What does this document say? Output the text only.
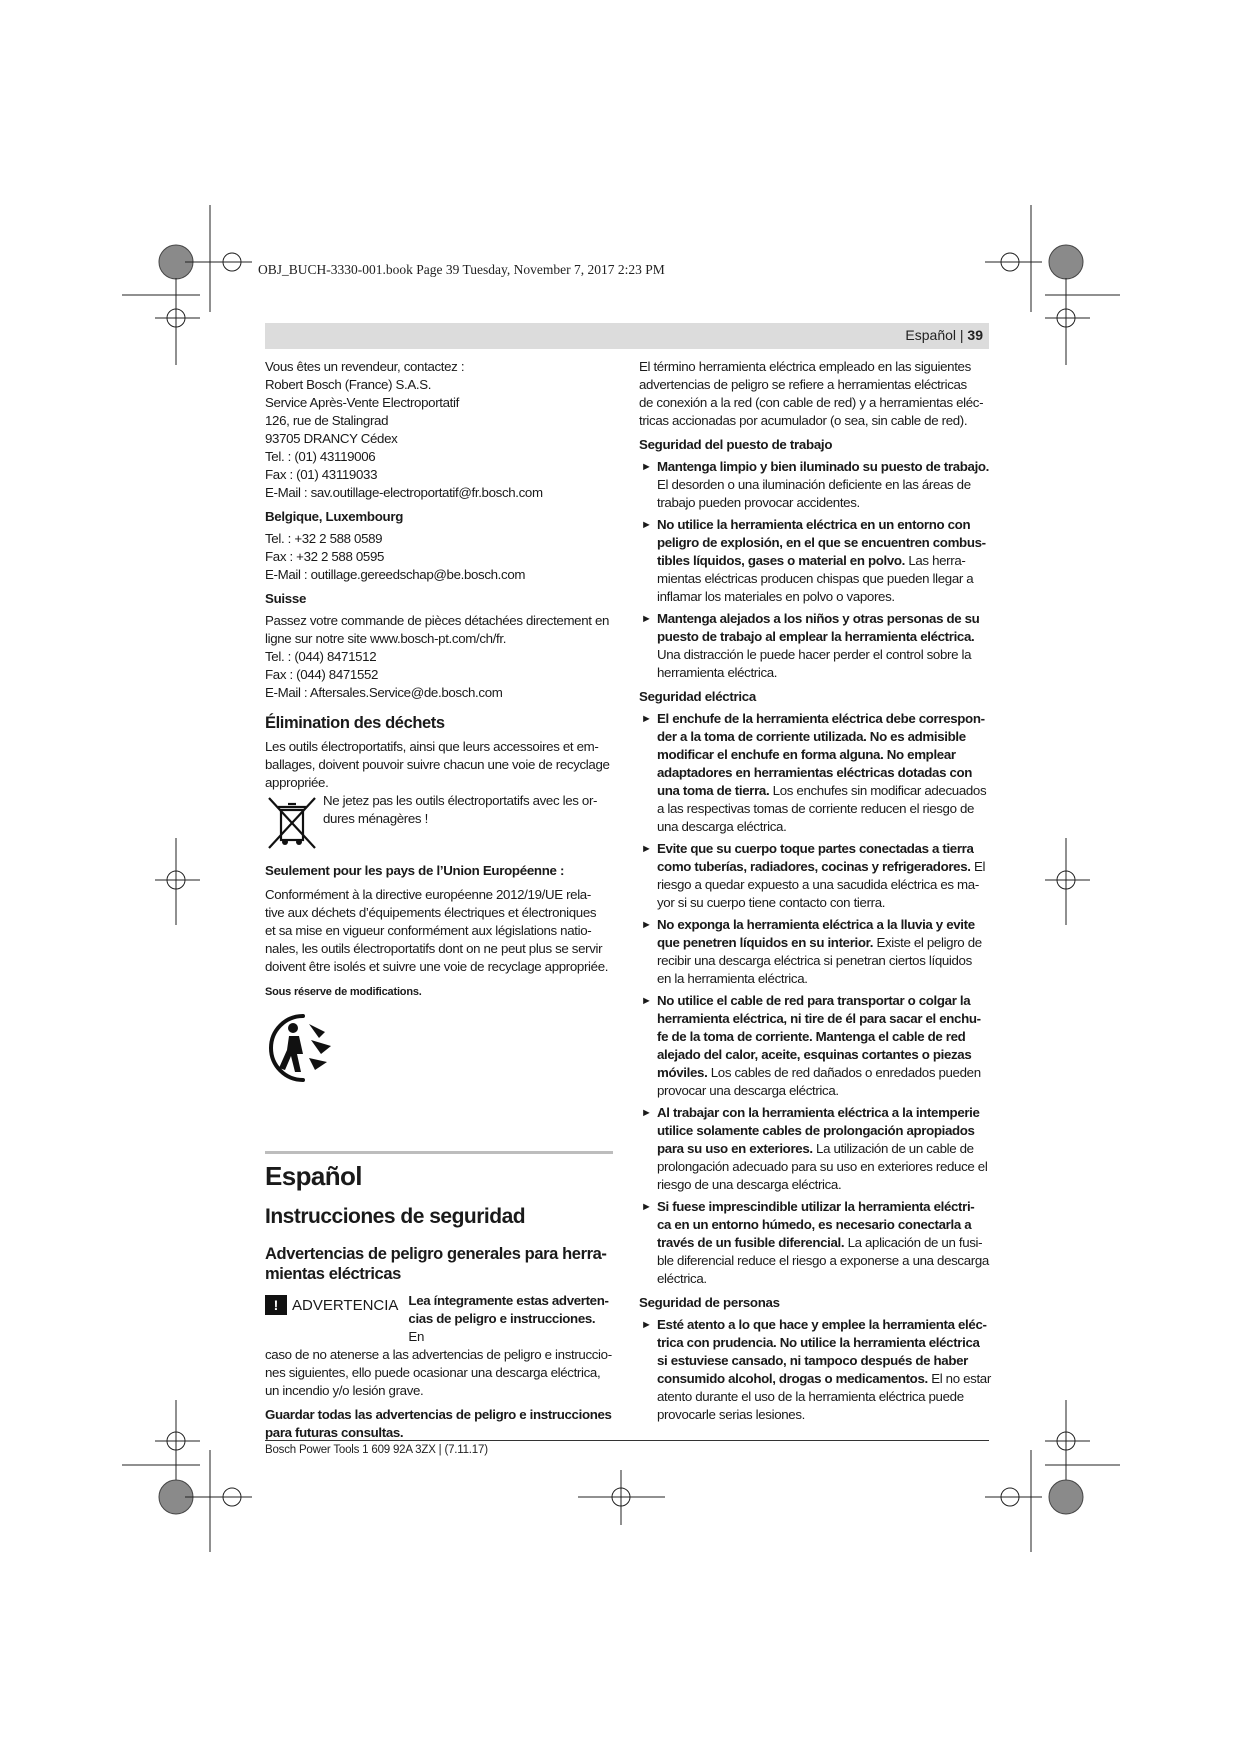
OBJ_BUCH-3330-001.book Page 39 Tuesday, November 7, 2017 2:23 PM
Español | 39

Vous êtes un revendeur, contactez :

Robert Bosch (France) S.A.S.

Service Après-Vente Electroportatif

126, rue de Stalingrad

93705 DRANCY Cédex

Tel. : (01) 43119006

Fax : (01) 43119033

E-Mail : sav.outillage-electroportatif@fr.bosch.com

Belgique, Luxembourg

Tel. : +32 2 588 0589

Fax : +32 2 588 0595

E-Mail : outillage.gereedschap@be.bosch.com

Suisse

Passez votre commande de pièces détachées directement en

ligne sur notre site www.bosch-pt.com/ch/fr.

Tel. : (044) 8471512

Fax : (044) 8471552

E-Mail : Aftersales.Service@de.bosch.com

Élimination des déchets

Les outils électroportatifs, ainsi que leurs accessoires et em-

ballages, doivent pouvoir suivre chacun une voie de recyclage

appropriée.

Ne jetez pas les outils électroportatifs avec les or-

dures ménagères !

Seulement pour les pays de l’Union Européenne :

Conformément à la directive européenne 2012/19/UE rela-

tive aux déchets d’équipements électriques et électroniques

et sa mise en vigueur conformément aux législations natio-

nales, les outils électroportatifs dont on ne peut plus se servir

doivent être isolés et suivre une voie de recyclage appropriée.

Sous réserve de modifications.
Español
Instrucciones de seguridad
Advertencias de peligro generales para herra-
mientas eléctricas
! ADVERTENCIA Lea íntegramente estas adverten-

cias de peligro e instrucciones. En

caso de no atenerse a las advertencias de peligro e instruccio-

nes siguientes, ello puede ocasionar una descarga eléctrica,

un incendio y/o lesión grave.

Guardar todas las advertencias de peligro e instrucciones

para futuras consultas.

El término herramienta eléctrica empleado en las siguientes

advertencias de peligro se refiere a herramientas eléctricas

de conexión a la red (con cable de red) y a herramientas eléc-

tricas accionadas por acumulador (o sea, sin cable de red).

Seguridad del puesto de trabajo
► Mantenga limpio y bien iluminado su puesto de trabajo.

El desorden o una iluminación deficiente en las áreas de

trabajo pueden provocar accidentes.

► No utilice la herramienta eléctrica en un entorno con

peligro de explosión, en el que se encuentren combus-

tibles líquidos, gases o material en polvo. Las herra-

mientas eléctricas producen chispas que pueden llegar a

inflamar los materiales en polvo o vapores.

► Mantenga alejados a los niños y otras personas de su

puesto de trabajo al emplear la herramienta eléctrica.

Una distracción le puede hacer perder el control sobre la

herramienta eléctrica.

Seguridad eléctrica
► El enchufe de la herramienta eléctrica debe correspon-

der a la toma de corriente utilizada. No es admisible

modificar el enchufe en forma alguna. No emplear

adaptadores en herramientas eléctricas dotadas con

una toma de tierra. Los enchufes sin modificar adecuados

a las respectivas tomas de corriente reducen el riesgo de

una descarga eléctrica.

► Evite que su cuerpo toque partes conectadas a tierra

como tuberías, radiadores, cocinas y refrigeradores. El

riesgo a quedar expuesto a una sacudida eléctrica es ma-

yor si su cuerpo tiene contacto con tierra.

► No exponga la herramienta eléctrica a la lluvia y evite

que penetren líquidos en su interior. Existe el peligro de

recibir una descarga eléctrica si penetran ciertos líquidos

en la herramienta eléctrica.

► No utilice el cable de red para transportar o colgar la

herramienta eléctrica, ni tire de él para sacar el enchu-

fe de la toma de corriente. Mantenga el cable de red

alejado del calor, aceite, esquinas cortantes o piezas

móviles. Los cables de red dañados o enredados pueden

provocar una descarga eléctrica.

► Al trabajar con la herramienta eléctrica a la intemperie

utilice solamente cables de prolongación apropiados

para su uso en exteriores. La utilización de un cable de

prolongación adecuado para su uso en exteriores reduce el

riesgo de una descarga eléctrica.

► Si fuese imprescindible utilizar la herramienta eléctri-

ca en un entorno húmedo, es necesario conectarla a

través de un fusible diferencial. La aplicación de un fusi-

ble diferencial reduce el riesgo a exponerse a una descarga

eléctrica.

Seguridad de personas
► Esté atento a lo que hace y emplee la herramienta eléc-

trica con prudencia. No utilice la herramienta eléctrica

si estuviese cansado, ni tampoco después de haber

consumido alcohol, drogas o medicamentos. El no estar

atento durante el uso de la herramienta eléctrica puede

provocarle serias lesiones.

Bosch Power Tools 1 609 92A 3ZX | (7.11.17)
